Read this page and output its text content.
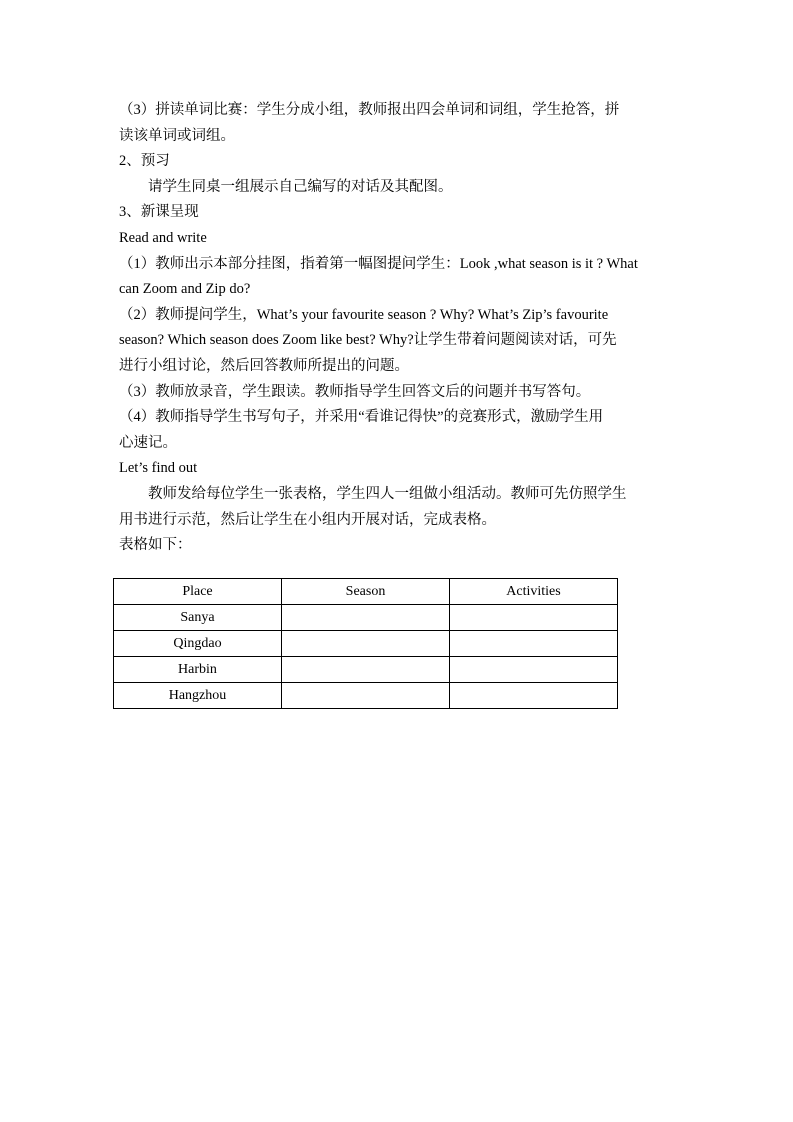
（3）拼读单词比赛：学生分成小组，教师报出四会单词和词组，学生抢答，拼
读该单词或词组。
2、预习
请学生同桌一组展示自己编写的对话及其配图。
3、新课呈现
Read and write
（1）教师出示本部分挂图，指着第一幅图提问学生：Look ,what season is it ? What
can Zoom and Zip do?
（2）教师提问学生，What’s your favourite season ? Why? What’s Zip’s favourite
season? Which season does Zoom like best? Why?让学生带着问题阅读对话，可先
进行小组讨论，然后回答教师所提出的问题。
（3）教师放录音，学生跟读。教师指导学生回答文后的问题并书写答句。
（4）教师指导学生书写句子，并采用“看谁记得快”的竞赛形式，激励学生用
心速记。
Let’s find out
教师发给每位学生一张表格，学生四人一组做小组活动。教师可先仿照学生
用书进行示范，然后让学生在小组内开展对话，完成表格。
表格如下：
Place	Season	Activities
Sanya		
Qingdao		
Harbin		
Hangzhou		
